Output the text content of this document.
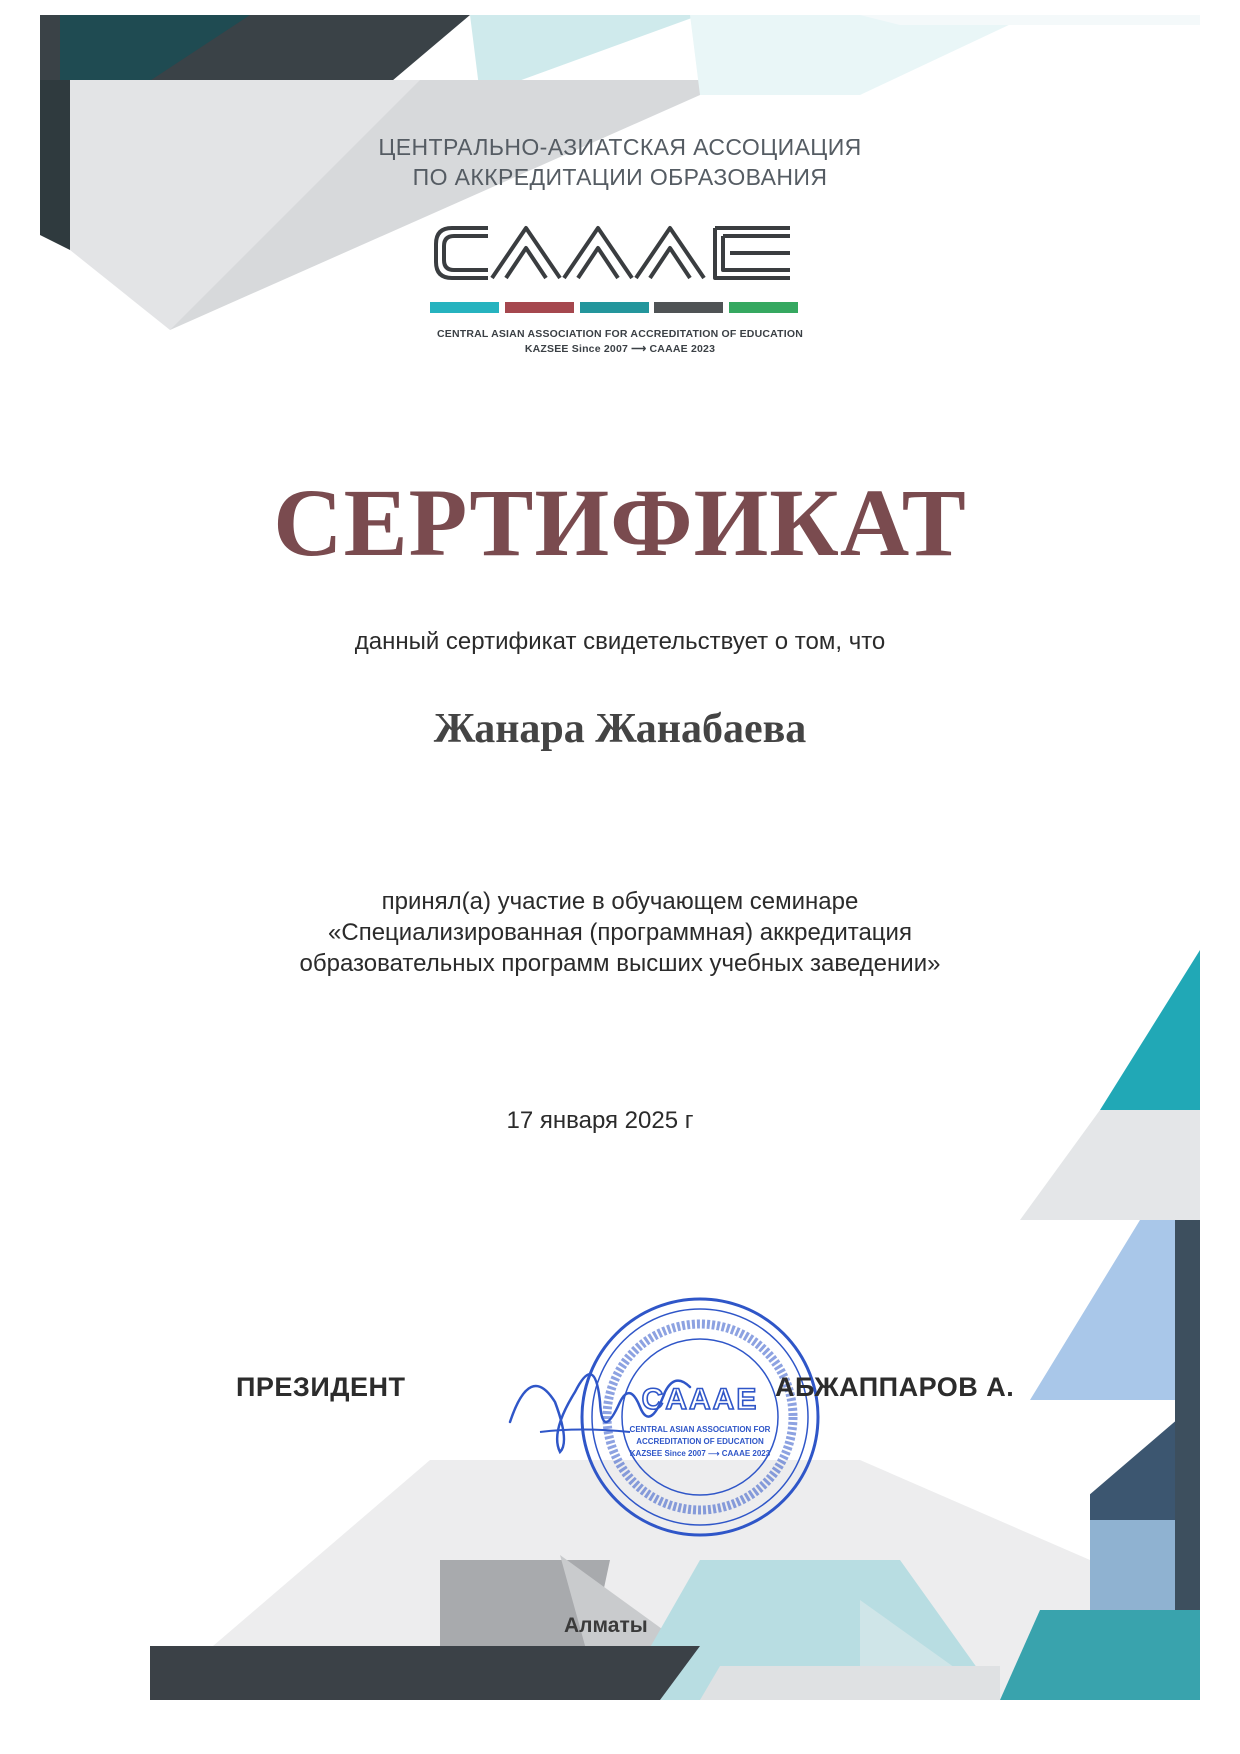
ЦЕНТРАЛЬНО-АЗИАТСКАЯ АССОЦИАЦИЯ
ПО АККРЕДИТАЦИИ ОБРАЗОВАНИЯ
CENTRAL ASIAN ASSOCIATION FOR ACCREDITATION OF EDUCATION
KAZSEE Since 2007 ⟶ CAAAE 2023
СЕРТИФИКАТ
данный сертификат свидетельствует о том, что
Жанара Жанабаева
принял(а) участие в обучающем семинаре
«Специализированная (программная) аккредитация
образовательных программ высших учебных заведении»
17 января 2025 г
ПРЕЗИДЕНТ	CAAAE
CENTRAL ASIAN ASSOCIATION FOR
ACCREDITATION OF EDUCATION
KAZSEE Since 2007 ⟶ CAAAE 2023
АБЖАППАРОВ А.
Алматы
